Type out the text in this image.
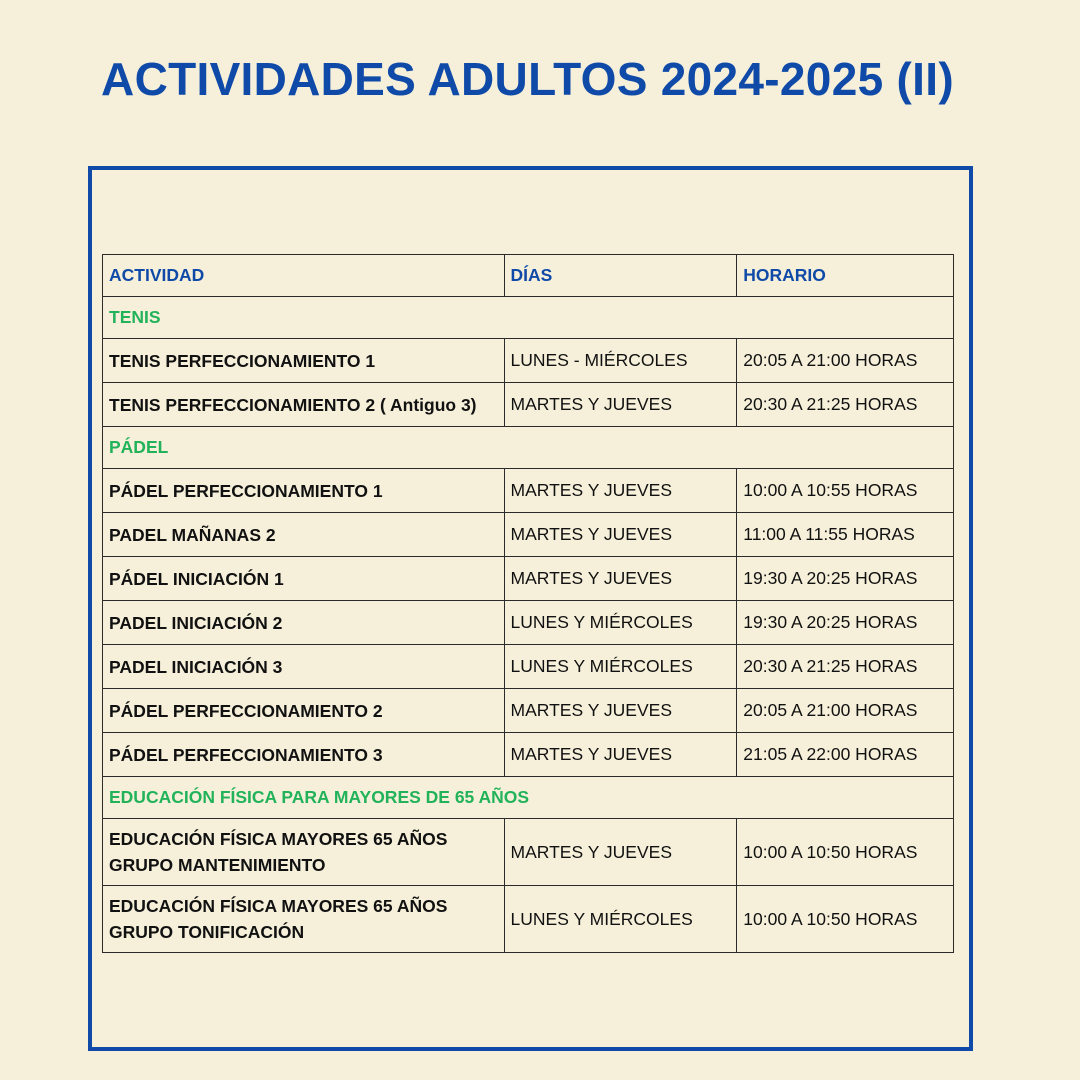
ACTIVIDADES ADULTOS 2024-2025 (II)
ACTIVIDAD	DÍAS	HORARIO
TENIS		
TENIS PERFECCIONAMIENTO 1	LUNES - MIÉRCOLES	20:05 A 21:00 HORAS
TENIS PERFECCIONAMIENTO 2 ( Antiguo 3)	MARTES Y JUEVES	20:30 A 21:25 HORAS
PÁDEL		
PÁDEL PERFECCIONAMIENTO 1	MARTES Y JUEVES	10:00 A 10:55 HORAS
PADEL MAÑANAS 2	MARTES Y JUEVES	11:00 A 11:55 HORAS
PÁDEL INICIACIÓN 1	MARTES Y JUEVES	19:30 A 20:25 HORAS
PADEL INICIACIÓN 2	LUNES Y MIÉRCOLES	19:30 A 20:25 HORAS
PADEL INICIACIÓN 3	LUNES Y MIÉRCOLES	20:30 A 21:25 HORAS
PÁDEL PERFECCIONAMIENTO 2	MARTES Y JUEVES	20:05 A 21:00 HORAS
PÁDEL PERFECCIONAMIENTO 3	MARTES Y JUEVES	21:05 A 22:00 HORAS
EDUCACIÓN FÍSICA PARA MAYORES DE 65 AÑOS		

EDUCACIÓN FÍSICA MAYORES 65 AÑOS
GRUPO MANTENIMIENTO	MARTES Y JUEVES	10:00 A 10:50 HORAS

EDUCACIÓN FÍSICA MAYORES 65 AÑOS
GRUPO TONIFICACIÓN	LUNES Y MIÉRCOLES	10:00 A 10:50 HORAS
